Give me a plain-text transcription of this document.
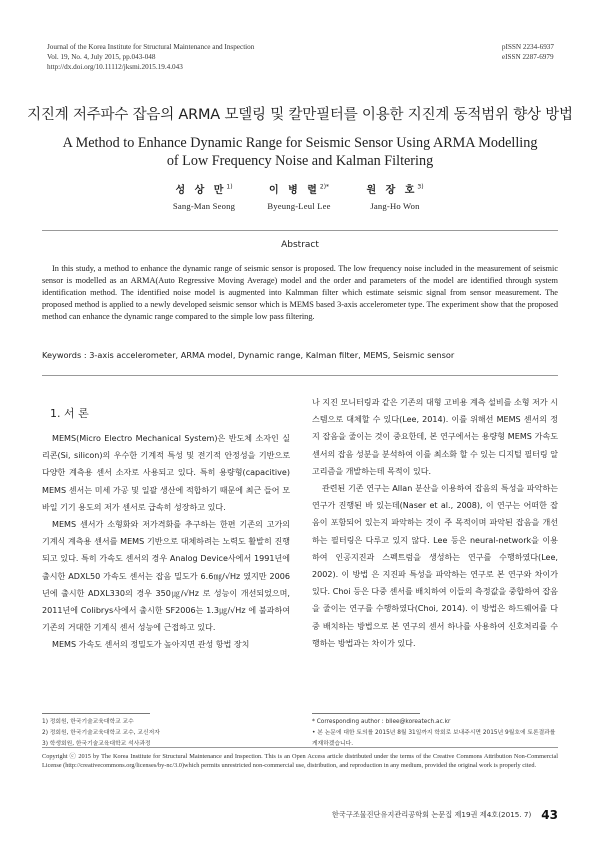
Journal of the Korea Institute for Structural Maintenance and Inspection
Vol. 19, No. 4, July 2015, pp.043-048
http://dx.doi.org/10.11112/jksmi.2015.19.4.043
pISSN 2234-6937
eISSN 2287-6979
지진계 저주파수 잡음의 ARMA 모델링 및 칼만필터를 이용한 지진계 동적범위 향상 방법
A Method to Enhance Dynamic Range for Seismic Sensor Using ARMA Modelling of Low Frequency Noise and Kalman Filtering
성 상 만$^{1)}$
Sang-Man Seong
이 병 렬$^{2)*}$
Byeung-Leul Lee
원 장 호$^{3)}$
Jang-Ho Won
Abstract
In this study, a method to enhance the dynamic range of seismic sensor is proposed. The low frequency noise included in the measurement of seismic sensor is modelled as an ARMA(Auto Regressive Moving Average) model and the order and parameters of the model are identified through system identification method. The identified noise model is augmented into Kalmman filter which estimate seismic signal from sensor measurement. The proposed method is applied to a newly developed seismic sensor which is MEMS based 3-axis accelerometer type. The experiment show that the proposed method can enhance the dynamic range compared to the simple low pass filtering.
Keywords : 3-axis accelerometer, ARMA model, Dynamic range, Kalman filter, MEMS, Seismic sensor
1. 서 론

MEMS(Micro Electro Mechanical System)은 반도체 소자인 실리콘(Si, silicon)의 우수한 기계적 특성 및 전기적 안정성을 기반으로 다양한 계측용 센서 소자로 사용되고 있다. 특히 용량형(capacitive) MEMS 센서는 미세 가공 및 일괄 생산에 적합하기 때문에 최근 들어 모바일 기기 용도의 저가 센서로 급속히 성장하고 있다.

MEMS 센서가 소형화와 저가격화를 추구하는 한편 기존의 고가의 기계식 계측용 센서를 MEMS 기반으로 대체하려는 노력도 활발히 진행되고 있다. 특히 가속도 센서의 경우 Analog Device사에서 1991년에 출시한 ADXL50 가속도 센서는 잡음 밀도가 6.6㎎/√Hz 였지만 2006년에 출시한 ADXL330의 경우 350㎍/√Hz 로 성능이 개선되었으며, 2011년에 Colibrys사에서 출시한 SF2006는 1.3㎍/√Hz 에 불과하여 기존의 거대한 기계식 센서 성능에 근접하고 있다.

MEMS 가속도 센서의 정밀도가 높아지면 관성 항법 장치

나 지진 모니터링과 같은 기존의 대형 고비용 계측 설비를 소형 저가 시스템으로 대체할 수 있다(Lee, 2014). 이를 위해선 MEMS 센서의 정지 잡음을 줄이는 것이 중요한데, 본 연구에서는 용량형 MEMS 가속도 센서의 잡음 성분을 분석하여 이를 최소화 할 수 있는 디지털 필터링 알고리즘을 개발하는데 목적이 있다.

관련된 기존 연구는 Allan 분산을 이용하여 잡음의 특성을 파악하는 연구가 진행된 바 있는데(Naser et al., 2008), 이 연구는 어떠한 잡음이 포함되어 있는지 파악하는 것이 주 목적이며 파악된 잡음을 개선하는 필터링은 다루고 있지 않다. Lee 등은 neural-network을 이용하여 인공지진과 스펙트럼을 생성하는 연구를 수행하였다(Lee, 2002). 이 방법 은 지진파 특성을 파악하는 연구로 본 연구와 차이가 있다. Choi 등은 다중 센서를 배치하여 이들의 측정값을 중합하여 잡음을 줄이는 연구를 수행하였다(Choi, 2014). 이 방법은 하드웨어를 다중 배치하는 방법으로 본 연구의 센서 하나를 사용하여 신호처리를 수행하는 방법과는 차이가 있다.

1) 정회원, 한국기술교육대학교 교수
2) 정회원, 한국기술교육대학교 교수, 교신저자
3) 학생회원, 한국기술교육대학교 석사과정
* Corresponding author : bllee@koreatech.ac.kr
• 본 논문에 대한 토의를 2015년 8월 31일까지 학회로 보내주시면 2015년 9월호에 토론결과를 게재하겠습니다.
Copyright ⓒ 2015 by The Korea Institute for Structural Maintenance and Inspection. This is an Open Access article distributed under the terms of the Creative Commons Attribution Non-Commercial License (http://creativecommons.org/licenses/by-nc/3.0)which permits unrestricted non-commercial use, distribution, and reproduction in any medium, provided the original work is properly cited.
한국구조물진단유지관리공학회 논문집 제19권 제4호(2015. 7) 43
